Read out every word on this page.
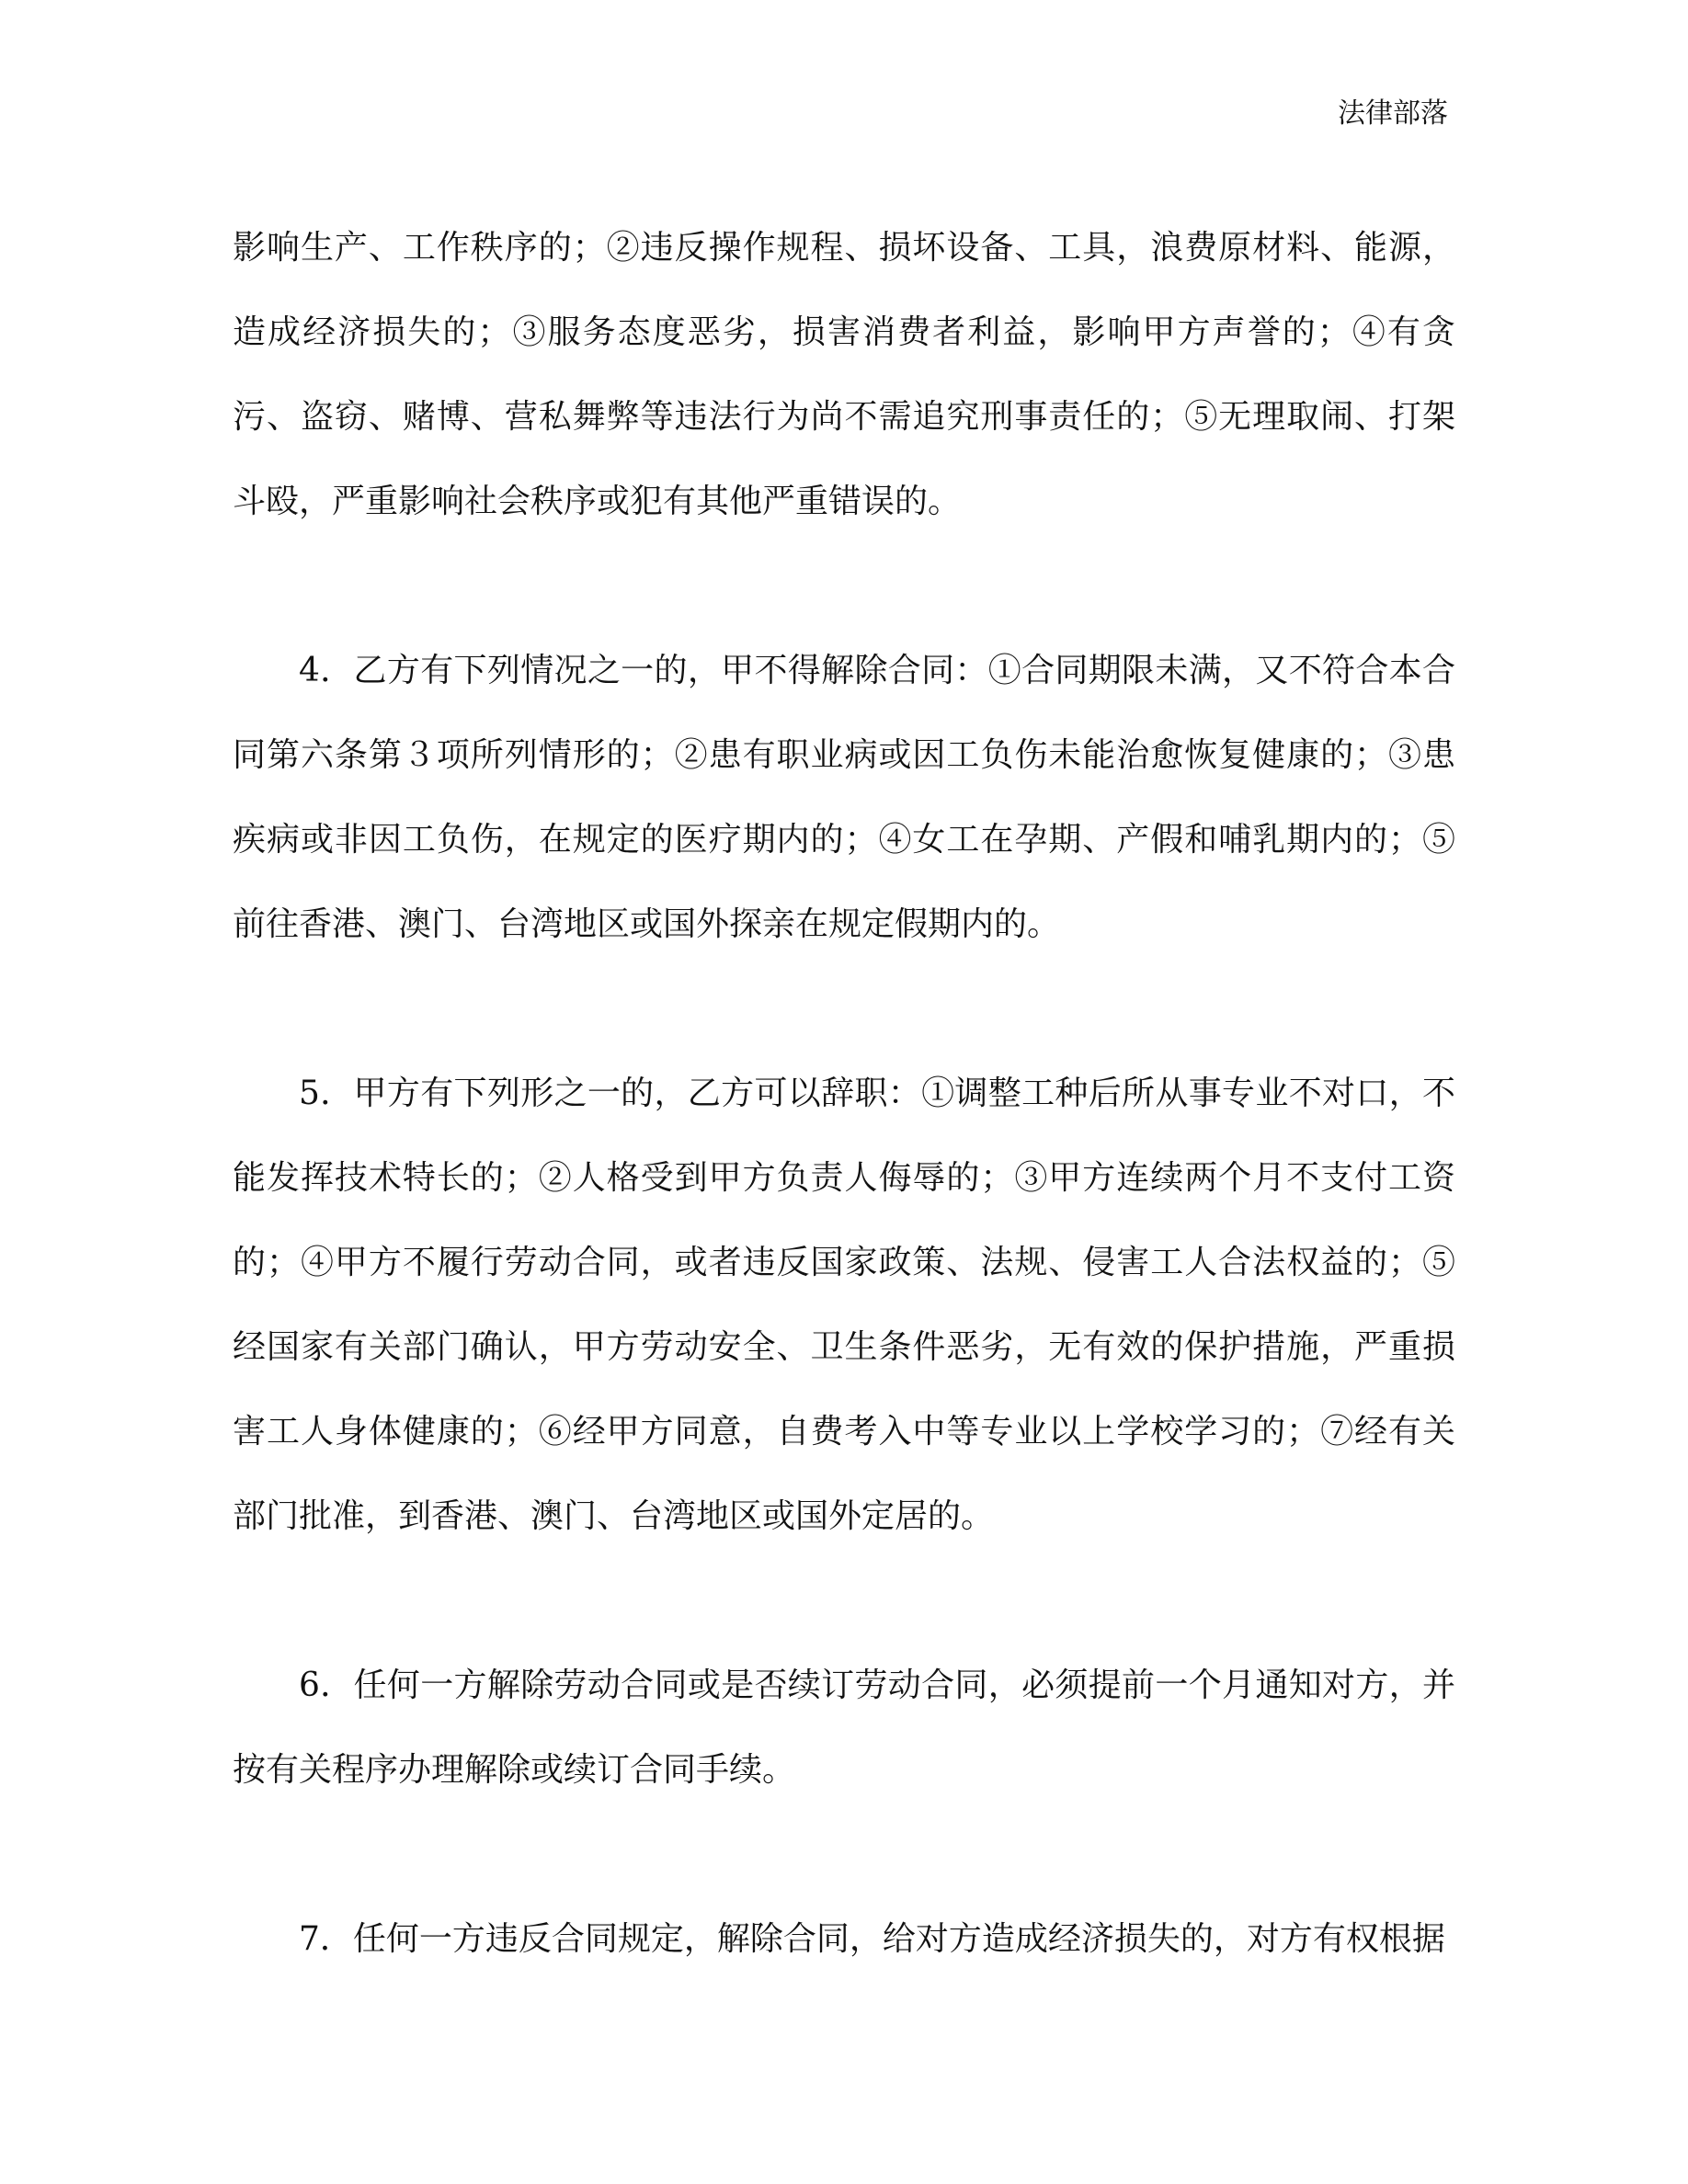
法律部落

影响生产、工作秩序的；②违反操作规程、损坏设备、工具，浪费原材料、能源，造成经济损失的；③服务态度恶劣，损害消费者利益，影响甲方声誉的；④有贪污、盗窃、赌博、营私舞弊等违法行为尚不需追究刑事责任的；⑤无理取闹、打架斗殴，严重影响社会秩序或犯有其他严重错误的。

4．乙方有下列情况之一的，甲不得解除合同：①合同期限未满，又不符合本合同第六条第３项所列情形的；②患有职业病或因工负伤未能治愈恢复健康的；③患疾病或非因工负伤，在规定的医疗期内的；④女工在孕期、产假和哺乳期内的；⑤前往香港、澳门、台湾地区或国外探亲在规定假期内的。

5．甲方有下列形之一的，乙方可以辞职：①调整工种后所从事专业不对口，不能发挥技术特长的；②人格受到甲方负责人侮辱的；③甲方连续两个月不支付工资的；④甲方不履行劳动合同，或者违反国家政策、法规、侵害工人合法权益的；⑤经国家有关部门确认，甲方劳动安全、卫生条件恶劣，无有效的保护措施，严重损害工人身体健康的；⑥经甲方同意，自费考入中等专业以上学校学习的；⑦经有关部门批准，到香港、澳门、台湾地区或国外定居的。

6．任何一方解除劳动合同或是否续订劳动合同，必须提前一个月通知对方，并按有关程序办理解除或续订合同手续。

7．任何一方违反合同规定，解除合同，给对方造成经济损失的，对方有权根据
